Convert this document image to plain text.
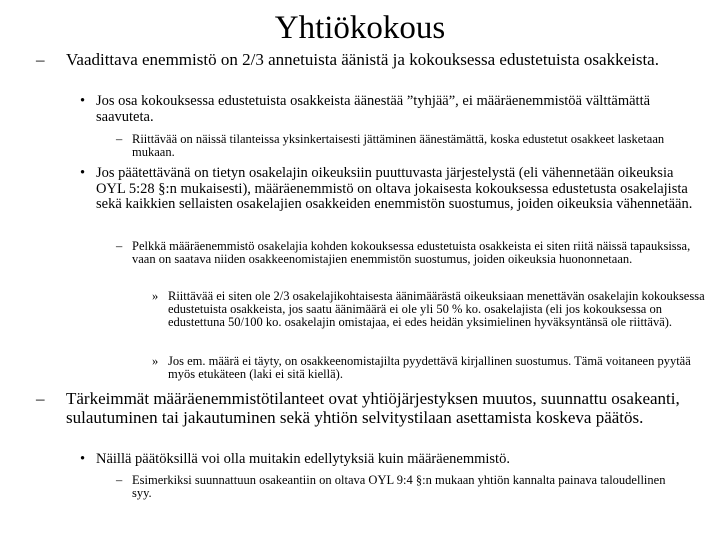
Yhtiökokous
–	Vaadittava enemmistö on 2/3 annetuista äänistä ja kokouksessa edustetuista osakkeista.
• Jos osa kokouksessa edustetuista osakkeista äänestää ”tyhjää”, ei määräenemmistöä välttämättä saavuteta.
– Riittävää on näissä tilanteissa yksinkertaisesti jättäminen äänestämättä, koska edustetut osakkeet lasketaan mukaan.
• Jos päätettävänä on tietyn osakelajin oikeuksiin puuttuvasta järjestelystä (eli vähennetään oikeuksia OYL 5:28 §:n mukaisesti), määräenemmistö on oltava jokaisesta kokouksessa edustetusta osakelajista sekä kaikkien sellaisten osakelajien osakkeiden enemmistön suostumus, joiden oikeuksia vähennetään.
– Pelkkä määräenemmistö osakelajia kohden kokouksessa edustetuista osakkeista ei siten riitä näissä tapauksissa, vaan on saatava niiden osakkeenomistajien enemmistön suostumus, joiden oikeuksia huononnetaan.
» Riittävää ei siten ole 2/3 osakelajikohtaisesta äänimäärästä oikeuksiaan menettävän osakelajin kokouksessa edustetuista osakkeista, jos saatu äänimäärä ei ole yli 50 % ko. osakelajista (eli jos kokouksessa on edustettuna 50/100 ko. osakelajin omistajaa, ei edes heidän yksimielinen hyväksyntänsä ole riittävä).
» Jos em. määrä ei täyty, on osakkeenomistajilta pyydettävä kirjallinen suostumus. Tämä voitaneen pyytää myös etukäteen (laki ei sitä kiellä).
–	Tärkeimmät määräenemmistötilanteet ovat yhtiöjärjestyksen muutos, suunnattu osakeanti, sulautuminen tai jakautuminen sekä yhtiön selvitystilaan asettamista koskeva päätös.
• Näillä päätöksillä voi olla muitakin edellytyksiä kuin määräenemmistö.
– Esimerkiksi suunnattuun osakeantiin on oltava OYL 9:4 §:n mukaan yhtiön kannalta painava taloudellinen syy.
